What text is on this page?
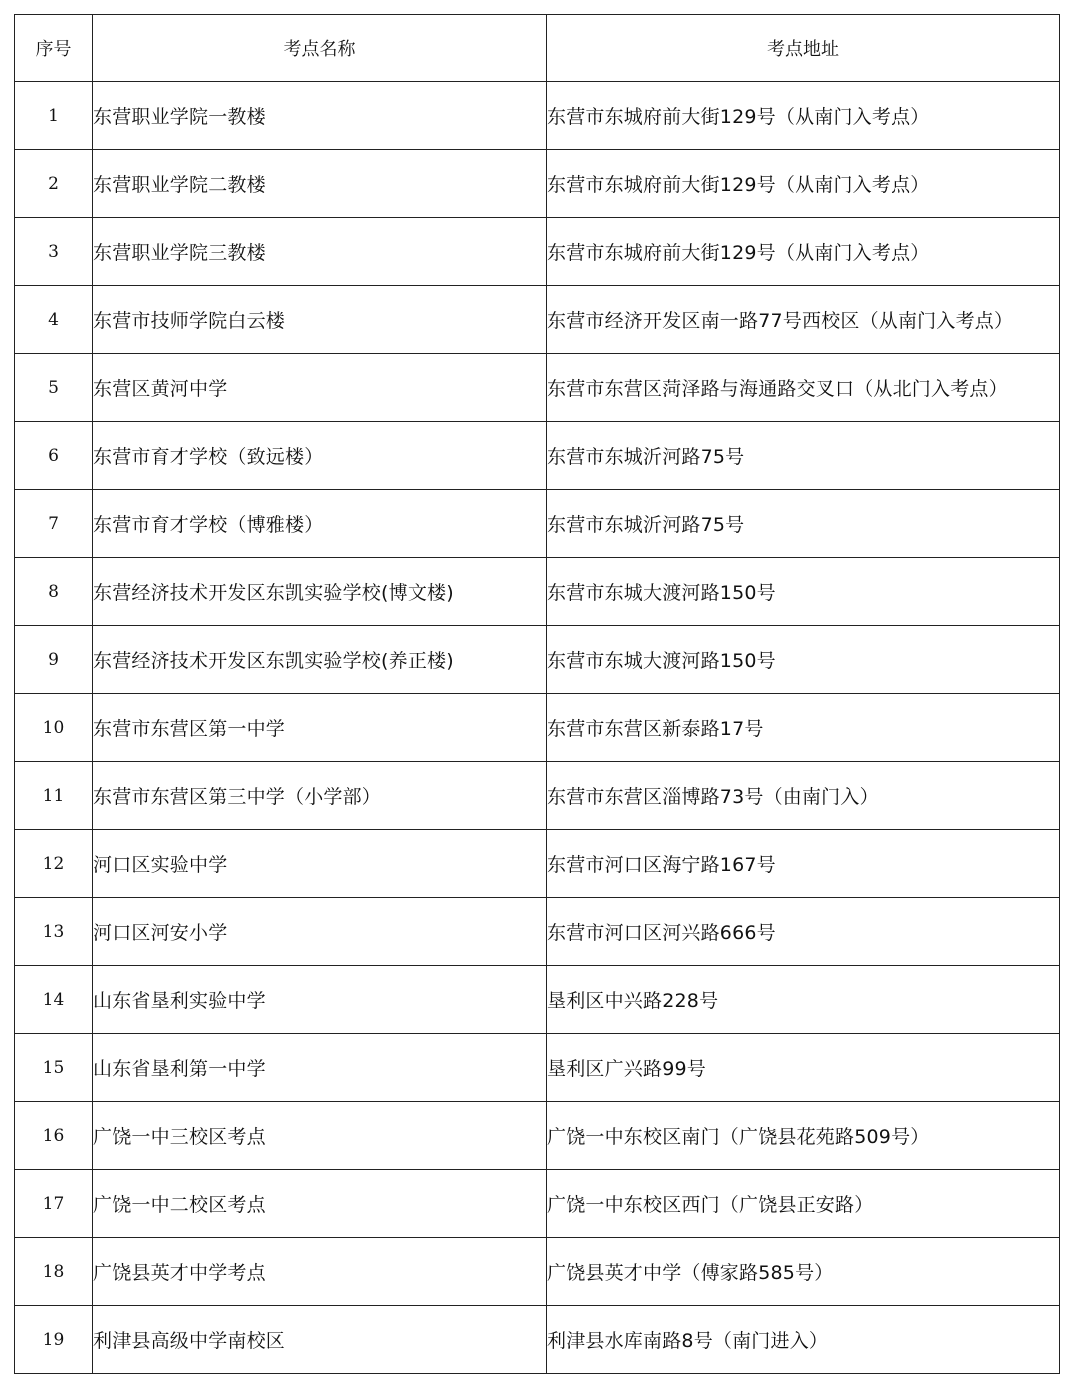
序号	考点名称	考点地址
1	东营职业学院一教楼	东营市东城府前大街129号（从南门入考点）
2	东营职业学院二教楼	东营市东城府前大街129号（从南门入考点）
3	东营职业学院三教楼	东营市东城府前大街129号（从南门入考点）
4	东营市技师学院白云楼	东营市经济开发区南一路77号西校区（从南门入考点）
5	东营区黄河中学	东营市东营区菏泽路与海通路交叉口（从北门入考点）
6	东营市育才学校（致远楼）	东营市东城沂河路75号
7	东营市育才学校（博雅楼）	东营市东城沂河路75号
8	东营经济技术开发区东凯实验学校(博文楼)	东营市东城大渡河路150号
9	东营经济技术开发区东凯实验学校(养正楼)	东营市东城大渡河路150号
10	东营市东营区第一中学	东营市东营区新泰路17号
11	东营市东营区第三中学（小学部）	东营市东营区淄博路73号（由南门入）
12	河口区实验中学	东营市河口区海宁路167号
13	河口区河安小学	东营市河口区河兴路666号
14	山东省垦利实验中学	垦利区中兴路228号
15	山东省垦利第一中学	垦利区广兴路99号
16	广饶一中三校区考点	广饶一中东校区南门（广饶县花苑路509号）
17	广饶一中二校区考点	广饶一中东校区西门（广饶县正安路）
18	广饶县英才中学考点	广饶县英才中学（傅家路585号）
19	利津县高级中学南校区	利津县水库南路8号（南门进入）
